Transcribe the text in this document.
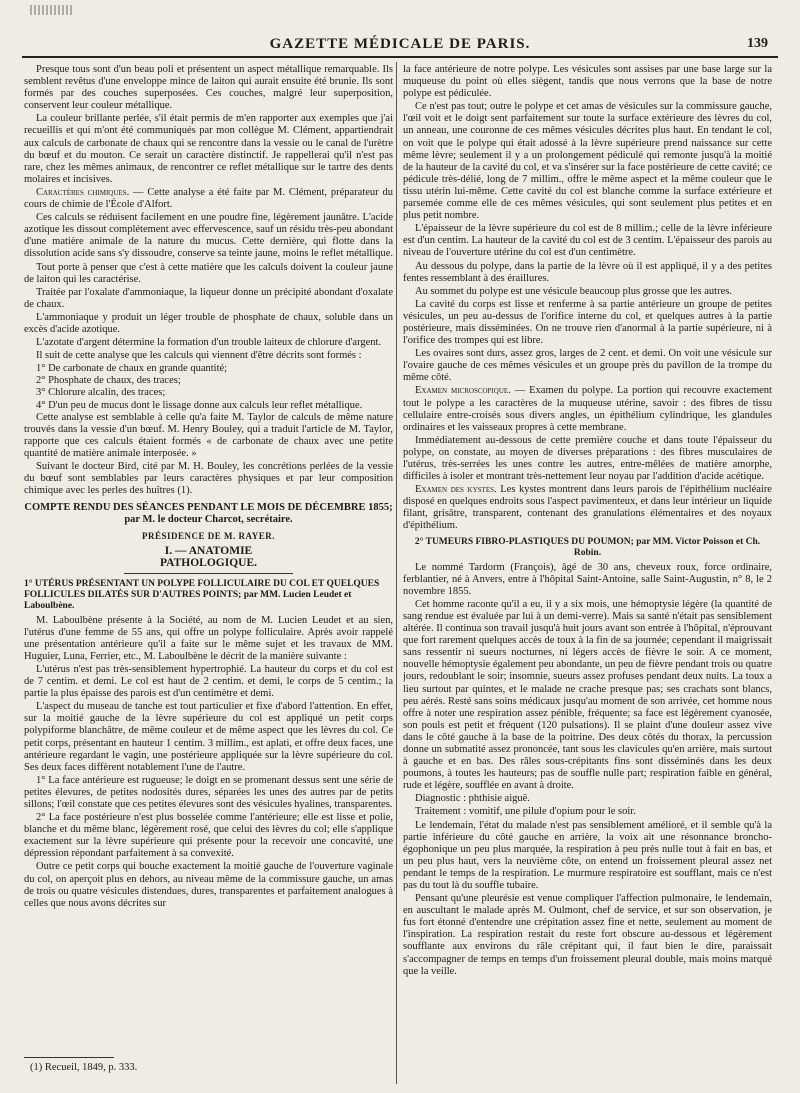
GAZETTE MÉDICALE DE PARIS.	139

Presque tous sont d'un beau poli et présentent un aspect métallique remarquable. Ils semblent revêtus d'une enveloppe mince de laiton qui aurait ensuite été brunie. Ils sont formés par des couches superposées. Ces couches, malgré leur superposition, conservent leur couleur métallique.

La couleur brillante perlée, s'il était permis de m'en rapporter aux exemples que j'ai recueillis et qui m'ont été communiqués par mon collègue M. Clément, appartiendrait aux calculs de carbonate de chaux qui se rencontre dans la vessie ou le canal de l'urètre du bœuf et du mouton. Ce serait un caractère distinctif. Je rappellerai qu'il n'est pas rare, chez les mêmes animaux, de rencontrer ce reflet métallique sur le tartre des dents molaires et incisives.

Caractères chimiques. — Cette analyse a été faite par M. Clément, préparateur du cours de chimie de l'École d'Alfort.

Ces calculs se réduisent facilement en une poudre fine, légèrement jaunâtre. L'acide azotique les dissout complétement avec effervescence, sauf un résidu très-peu abondant d'une matière animale de la nature du mucus. Cette dernière, qui flotte dans la dissolution acide sans s'y dissoudre, conserve sa teinte jaune, moins le reflet métallique.

Tout porte à penser que c'est à cette matière que les calculs doivent la couleur jaune de laiton qui les caractérise.

Traitée par l'oxalate d'ammoniaque, la liqueur donne un précipité abondant d'oxalate de chaux.

L'ammoniaque y produit un léger trouble de phosphate de chaux, soluble dans un excès d'acide azotique.

L'azotate d'argent détermine la formation d'un trouble laiteux de chlorure d'argent.

Il suit de cette analyse que les calculs qui viennent d'être décrits sont formés :

1° De carbonate de chaux en grande quantité;

2° Phosphate de chaux, des traces;

3° Chlorure alcalin, des traces;

4° D'un peu de mucus dont le lissage donne aux calculs leur reflet métallique.

Cette analyse est semblable à celle qu'a faite M. Taylor de calculs de même nature trouvés dans la vessie d'un bœuf. M. Henry Bouley, qui a traduit l'article de M. Taylor, rapporte que ces calculs étaient formés « de carbonate de chaux avec une petite quantité de matière animale interposée. »

Suivant le docteur Bird, cité par M. H. Bouley, les concrétions perlées de la vessie du bœuf sont semblables par leurs caractères physiques et par leur composition chimique avec les perles des huîtres (1).

COMPTE RENDU DES SÉANCES PENDANT LE MOIS DE DÉCEMBRE 1855; par M. le docteur Charcot, secrétaire.
PRÉSIDENCE DE M. RAYER.
I. — ANATOMIE PATHOLOGIQUE.
1° UTÉRUS PRÉSENTANT UN POLYPE FOLLICULAIRE DU COL ET QUELQUES FOLLICULES DILATÉS SUR D'AUTRES POINTS; par MM. Lucien Leudet et Laboulbène.

M. Laboulbène présente à la Société, au nom de M. Lucien Leudet et au sien, l'utérus d'une femme de 55 ans, qui offre un polype folliculaire. Après avoir rappelé une présentation antérieure qu'il a faite sur le même sujet et les travaux de MM. Huguier, Luna, Ferrier, etc., M. Laboulbène le décrit de la manière suivante :

L'utérus n'est pas très-sensiblement hypertrophié. La hauteur du corps et du col est de 7 centim. et demi. Le col est haut de 2 centim. et demi, le corps de 5 centim.; la partie la plus épaisse des parois est d'un centimètre et demi.

L'aspect du museau de tanche est tout particulier et fixe d'abord l'attention. En effet, sur la moitié gauche de la lèvre supérieure du col est appliqué un petit corps polypiforme blanchâtre, de même couleur et de même aspect que les lèvres du col. Ce petit corps, présentant en hauteur 1 centim. 3 millim., est aplati, et offre deux faces, une antérieure regardant le vagin, une postérieure appliquée sur la lèvre supérieure du col. Ses deux faces diffèrent notablement l'une de l'autre.

1° La face antérieure est rugueuse; le doigt en se promenant dessus sent une série de petites élevures, de petites nodosités dures, séparées les unes des autres par de petits sillons; l'œil constate que ces petites élevures sont des vésicules hyalines, transparentes.

2° La face postérieure n'est plus bosselée comme l'antérieure; elle est lisse et polie, blanche et du même blanc, légèrement rosé, que celui des lèvres du col; elle s'applique exactement sur la lèvre supérieure qui présente pour la recevoir une concavité, une dépression répondant parfaitement à sa convexité.

Outre ce petit corps qui bouche exactement la moitié gauche de l'ouverture vaginale du col, on aperçoit plus en dehors, au niveau même de la commissure gauche, un amas de trois ou quatre vésicules distendues, dures, transparentes et parfaitement analogues à celles que nous avons décrites sur

la face antérieure de notre polype. Les vésicules sont assises par une base large sur la muqueuse du point où elles siègent, tandis que nous verrons que la base de notre polype est pédiculée.

Ce n'est pas tout; outre le polype et cet amas de vésicules sur la commissure gauche, l'œil voit et le doigt sent parfaitement sur toute la surface extérieure des lèvres du col, un anneau, une couronne de ces mêmes vésicules décrites plus haut. En tendant le col, on voit que le polype qui était adossé à la lèvre supérieure prend naissance sur cette même lèvre; seulement il y a un prolongement pédiculé qui remonte jusqu'à la moitié de la hauteur de la cavité du col, et va s'insérer sur la face postérieure de cette cavité; ce pédicule très-délié, long de 7 millim., offre le même aspect et la même couleur que le tissu utérin lui-même. Cette cavité du col est blanche comme la surface extérieure et parsemée comme elle de ces mêmes vésicules, qui sont seulement plus petites et en plus petit nombre.

L'épaisseur de la lèvre supérieure du col est de 8 millim.; celle de la lèvre inférieure est d'un centim. La hauteur de la cavité du col est de 3 centim. L'épaisseur des parois au niveau de l'ouverture utérine du col est d'un centimètre.

Au dessous du polype, dans la partie de la lèvre où il est appliqué, il y a des petites fentes ressemblant à des éraillures.

Au sommet du polype est une vésicule beaucoup plus grosse que les autres.

La cavité du corps est lisse et renferme à sa partie antérieure un groupe de petites vésicules, un peu au-dessus de l'orifice interne du col, et quelques autres à la partie postérieure, mais disséminées. On ne trouve rien d'anormal à la partie supérieure, ni à l'orifice des trompes qui est libre.

Les ovaires sont durs, assez gros, larges de 2 cent. et demi. On voit une vésicule sur l'ovaire gauche de ces mêmes vésicules et un groupe près du pavillon de la trompe du même côté.

Examen microscopique. — Examen du polype. La portion qui recouvre exactement tout le polype a les caractères de la muqueuse utérine, savoir : des fibres de tissu cellulaire entre-croisés sous divers angles, un épithélium cylindrique, les glandules ordinaires et les vaisseaux propres à cette membrane.

Immédiatement au-dessous de cette première couche et dans toute l'épaisseur du polype, on constate, au moyen de diverses préparations : des fibres musculaires de l'utérus, très-serrées les unes contre les autres, entre-mêlées de matière amorphe, difficiles à isoler et montrant très-nettement leur noyau par l'addition d'acide acétique.

Examen des kystes. Les kystes montrent dans leurs parois de l'épithélium nucléaire disposé en quelques endroits sous l'aspect pavimenteux, et dans leur intérieur un liquide filant, grisâtre, transparent, contenant des granulations élémentaires et des noyaux d'épithélium.

2° TUMEURS FIBRO-PLASTIQUES DU POUMON; par MM. Victor Poisson et Ch. Robin.

Le nommé Tardorm (François), âgé de 30 ans, cheveux roux, force ordinaire, ferblantier, né à Anvers, entre à l'hôpital Saint-Antoine, salle Saint-Augustin, n° 8, le 2 novembre 1855.

Cet homme raconte qu'il a eu, il y a six mois, une hémoptysie légère (la quantité de sang rendue est évaluée par lui à un demi-verre). Mais sa santé n'était pas sensiblement altérée. Il continua son travail jusqu'à huit jours avant son entrée à l'hôpital, n'éprouvant que fort rarement quelques accès de toux à la fin de sa journée; cependant il maigrissait sans ressentir ni sueurs nocturnes, ni légers accès de fièvre le soir. A ce moment, nouvelle hémoptysie également peu abondante, un peu de fièvre pendant trois ou quatre jours, redoublant le soir; insomnie, sueurs assez profuses pendant deux nuits. La toux a lieu surtout par quintes, et le malade ne crache presque pas; ses crachats sont blancs, peu aérés. Resté sans soins médicaux jusqu'au moment de son arrivée, cet homme nous offre à noter une respiration assez pénible, fréquente; sa face est légèrement cyanosée, son pouls est petit et fréquent (120 pulsations). Il se plaint d'une douleur assez vive dans le côté gauche à la base de la poitrine. Des deux côtés du thorax, la percussion donne un submatité assez prononcée, tant sous les clavicules qu'en arrière, mais surtout à gauche et en bas. Des râles sous-crépitants fins sont disséminés dans les deux poumons, à toutes les hauteurs; pas de souffle nulle part; respiration faible en général, rude et légère, soufflée en avant à droite.

Diagnostic : phthisie aiguë.

Traitement : vomitif, une pilule d'opium pour le soir.

Le lendemain, l'état du malade n'est pas sensiblement amélioré, et il semble qu'à la partie inférieure du côté gauche en arrière, la voix ait une résonnance broncho-égophonique un peu plus marquée, la respiration à peu près nulle tout à fait en bas, et un peu plus haut, vers la neuvième côte, on entend un froissement pleural assez net pendant le temps de la respiration. Le murmure respiratoire est soufflant, mais ce n'est pas du tout là du souffle tubaire.

Pensant qu'une pleurésie est venue compliquer l'affection pulmonaire, le lendemain, en auscultant le malade après M. Oulmont, chef de service, et sur son observation, je fus fort étonné d'entendre une crépitation assez fine et nette, seulement au moment de l'inspiration. La respiration restait du reste fort obscure au-dessous et légèrement soufflante aux environs du râle crépitant qui, il faut bien le dire, paraissait s'accompagner de temps en temps d'un froissement pleural double, mais moins marqué que la veille.

(1) Recueil, 1849, p. 333.
